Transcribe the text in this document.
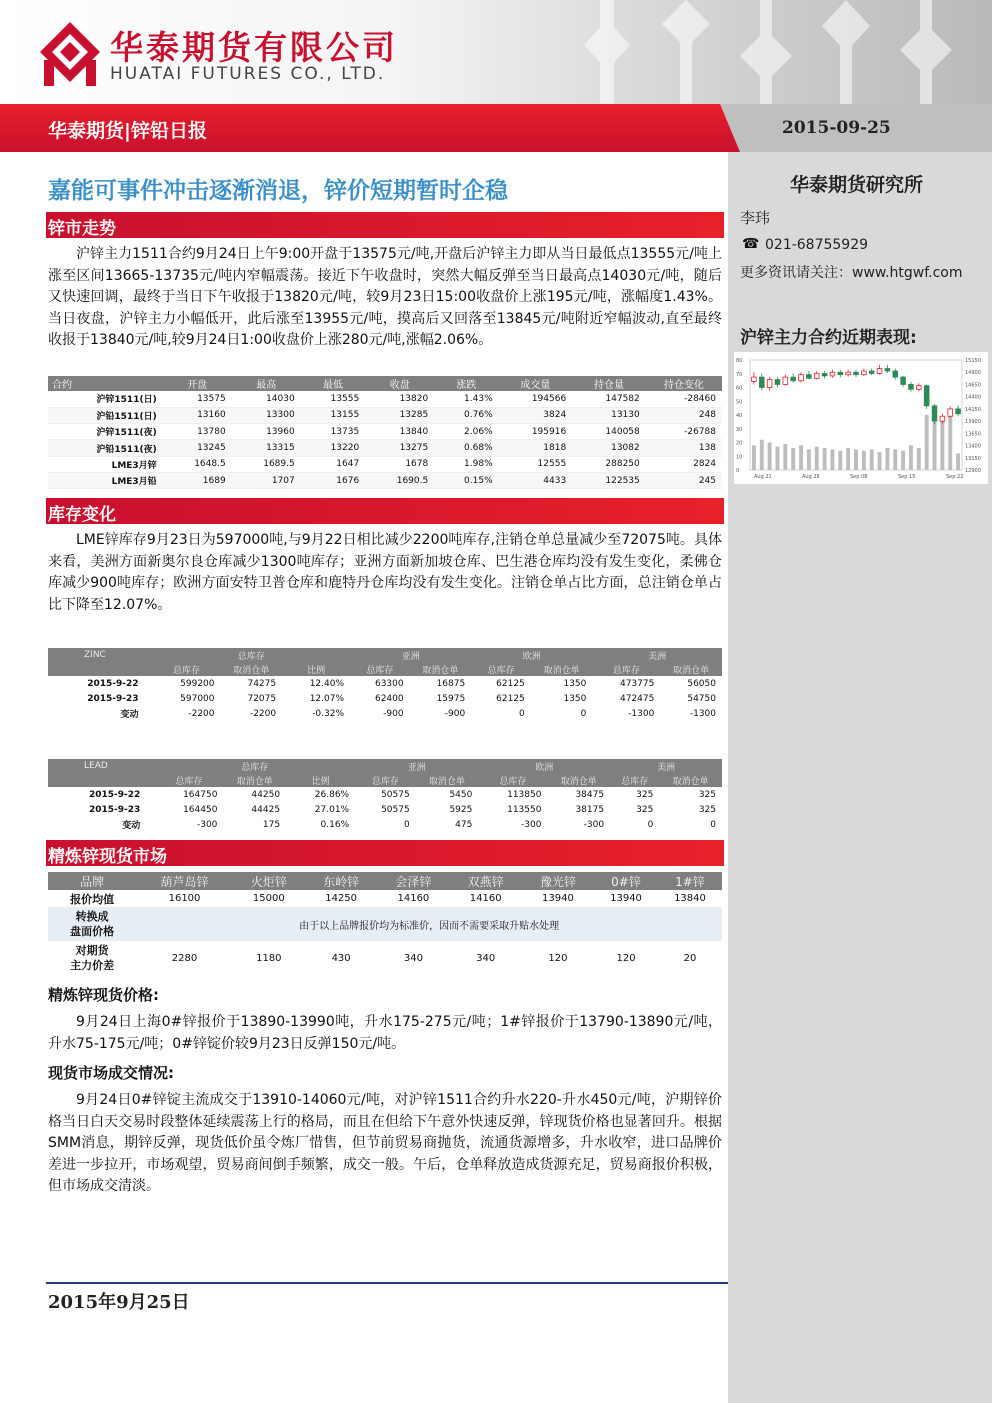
华泰期货有限公司
HUATAI FUTURES CO., LTD.
华泰期货|锌铅日报	2015-09-25
华泰期货研究所
李玮
☎ 021-68755929
更多资讯请关注：www.htgwf.com
沪锌主力合约近期表现:
80
70
60
50
40
30
20
10
0
15150
14900
14650
14400
14150
13900
13650
13400
13150
12900
Aug 21	Aug 28	Sep 08	Sep 15	Sep 22
嘉能可事件冲击逐渐消退，锌价短期暂时企稳
锌市走势
沪锌主力1511合约9月24日上午9:00开盘于13575元/吨,开盘后沪锌主力即从当日最低点13555元/吨上涨至区间13665-13735元/吨内窄幅震荡。接近下午收盘时，突然大幅反弹至当日最高点14030元/吨，随后又快速回调，最终于当日下午收报于13820元/吨，较9月23日15:00收盘价上涨195元/吨，涨幅度1.43%。当日夜盘，沪锌主力小幅低开，此后涨至13955元/吨，摸高后又回落至13845元/吨附近窄幅波动,直至最终收报于13840元/吨,较9月24日1:00收盘价上涨280元/吨,涨幅2.06%。
合约	开盘	最高	最低	收盘	涨跌	成交量	持仓量	持仓变化
沪锌1511(日)	13575	14030	13555	13820	1.43%	194566	147582	-28460
沪铅1511(日)	13160	13300	13155	13285	0.76%	3824	13130	248
沪锌1511(夜)	13780	13960	13735	13840	2.06%	195916	140058	-26788
沪铅1511(夜)	13245	13315	13220	13275	0.68%	1818	13082	138
LME3月锌	1648.5	1689.5	1647	1678	1.98%	12555	288250	2824
LME3月铅	1689	1707	1676	1690.5	0.15%	4433	122535	245
库存变化
LME锌库存9月23日为597000吨,与9月22日相比减少2200吨库存,注销仓单总量减少至72075吨。具体来看，美洲方面新奥尔良仓库减少1300吨库存；亚洲方面新加坡仓库、巴生港仓库均没有发生变化，柔佛仓库减少900吨库存；欧洲方面安特卫普仓库和鹿特丹仓库均没有发生变化。注销仓单占比方面，总注销仓单占比下降至12.07%。
ZINC	总库存			亚洲		欧洲		美洲	
	总库存	取消仓单	比例	总库存	取消仓单	总库存	取消仓单	总库存	取消仓单
2015-9-22	599200	74275	12.40%	63300	16875	62125	1350	473775	56050
2015-9-23	597000	72075	12.07%	62400	15975	62125	1350	472475	54750
变动	-2200	-2200	-0.32%	-900	-900	0	0	-1300	-1300
LEAD	总库存			亚洲		欧洲		美洲	
	总库存	取消仓单	比例	总库存	取消仓单	总库存	取消仓单	总库存	取消仓单
2015-9-22	164750	44250	26.86%	50575	5450	113850	38475	325	325
2015-9-23	164450	44425	27.01%	50575	5925	113550	38175	325	325
变动	-300	175	0.16%	0	475	-300	-300	0	0
精炼锌现货市场
品牌	葫芦岛锌	火炬锌	东岭锌	会泽锌	双燕锌	豫光锌	0#锌	1#锌
报价均值	16100	15000	14250	14160	14160	13940	13940	13840
转换成
盘面价格	由于以上品牌报价均为标准价，因而不需要采取升贴水处理							
对期货
主力价差	2280	1180	430	340	340	120	120	20
精炼锌现货价格:
9月24日上海0#锌报价于13890-13990吨，升水175-275元/吨；1#锌报价于13790-13890元/吨，升水75-175元/吨；0#锌锭价较9月23日反弹150元/吨。
现货市场成交情况:
9月24日0#锌锭主流成交于13910-14060元/吨，对沪锌1511合约升水220-升水450元/吨，沪期锌价格当日白天交易时段整体延续震荡上行的格局，而且在但给下午意外快速反弹，锌现货价格也显著回升。根据SMM消息，期锌反弹，现货低价虽令炼厂惜售，但节前贸易商抛货，流通货源增多，升水收窄，进口品牌价差进一步拉开，市场观望，贸易商间倒手频繁，成交一般。午后，仓单释放造成货源充足，贸易商报价积极，但市场成交清淡。
2015年9月25日
